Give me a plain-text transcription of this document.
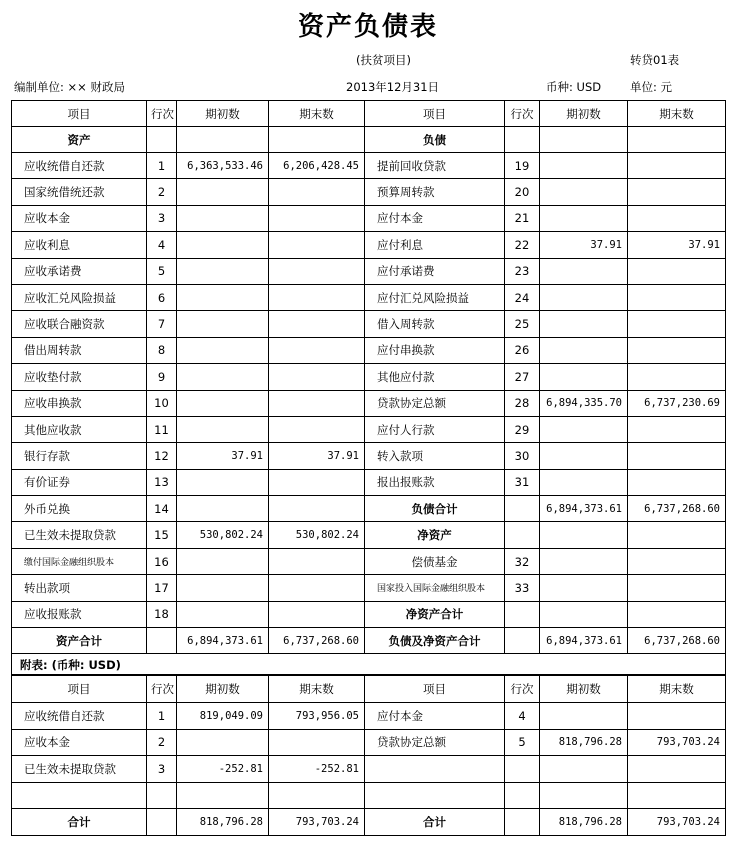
资产负债表
(扶贫项目)	转贷01表
编制单位: ×× 财政局	2013年12月31日	币种: USD	单位: 元
项目	行次	期初数	期末数	项目	行次	期初数	期末数
资产				负债			
应收统借自还款	1	6,363,533.46	6,206,428.45	提前回收贷款	19		
国家统借统还款	2			预算周转款	20		
应收本金	3			应付本金	21		
应收利息	4			应付利息	22	37.91	37.91
应收承诺费	5			应付承诺费	23		
应收汇兑风险损益	6			应付汇兑风险损益	24		
应收联合融资款	7			借入周转款	25		
借出周转款	8			应付串换款	26		
应收垫付款	9			其他应付款	27		
应收串换款	10			贷款协定总额	28	6,894,335.70	6,737,230.69
其他应收款	11			应付人行款	29		
银行存款	12	37.91	37.91	转入款项	30		
有价证券	13			报出报账款	31		
外币兑换	14			负债合计		6,894,373.61	6,737,268.60
已生效未提取贷款	15	530,802.24	530,802.24	净资产			
缴付国际金融组织股本	16			偿债基金	32		
转出款项	17			国家投入国际金融组织股本	33		
应收报账款	18			净资产合计			
资产合计		6,894,373.61	6,737,268.60	负债及净资产合计		6,894,373.61	6,737,268.60
附表: (币种: USD)							
项目	行次	期初数	期末数	项目	行次	期初数	期末数
应收统借自还款	1	819,049.09	793,956.05	应付本金	4		
应收本金	2			贷款协定总额	5	818,796.28	793,703.24
已生效未提取贷款	3	-252.81	-252.81				

合计		818,796.28	793,703.24	合计		818,796.28	793,703.24
